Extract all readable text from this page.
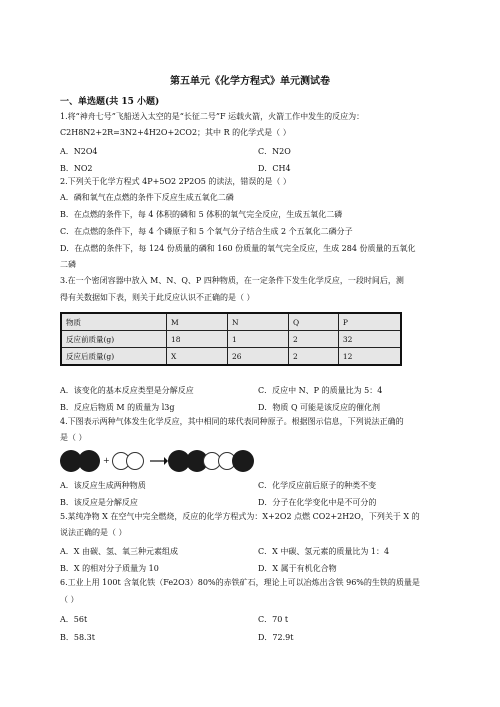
第五单元《化学方程式》单元测试卷
一、单选题(共 15 小题)
1.将“神舟七号”飞船送入太空的是“长征二号”F 运载火箭，火箭工作中发生的反应为：
C2H8N2+2R=3N2+4H2O+2CO2；其中 R 的化学式是（ ）
A．N2O4	C．N2O
B．NO2	D．CH4
2.下列关于化学方程式 4P+5O2 2P2O5 的读法，错误的是（ ）
A．磷和氧气在点燃的条件下反应生成五氧化二磷
B．在点燃的条件下，每 4 体积的磷和 5 体积的氧气完全反应，生成五氧化二磷
C．在点燃的条件下，每 4 个磷原子和 5 个氧气分子结合生成 2 个五氧化二磷分子
D．在点燃的条件下，每 124 份质量的磷和 160 份质量的氧气完全反应，生成 284 份质量的五氧化
二磷
3.在一个密闭容器中放入 M、N、Q、P 四种物质，在一定条件下发生化学反应，一段时间后，测
得有关数据如下表，则关于此反应认识不正确的是（ ）
物质	M	N	Q	P
反应前质量(g)	18	1	2	32
反应后质量(g)	X	26	2	12
A．该变化的基本反应类型是分解反应	C．反应中 N、P 的质量比为 5：4
B．反应后物质 M 的质量为 l3g	D．物质 Q 可能是该反应的催化剂
4.下图表示两种气体发生化学反应，其中相同的球代表同种原子。根据图示信息，下列说法正确的
是（ ）
+
A．该反应生成两种物质	C．化学反应前后原子的种类不变
B．该反应是分解反应	D．分子在化学变化中是不可分的
5.某纯净物 X 在空气中完全燃烧，反应的化学方程式为：X+2O2 点燃 CO2+2H2O，下列关于 X 的
说法正确的是（ ）
A．X 由碳、氢、氧三种元素组成	C．X 中碳、氢元素的质量比为 1：4
B．X 的相对分子质量为 10	D．X 属于有机化合物
6.工业上用 100t 含氧化铁（Fe2O3）80%的赤铁矿石，理论上可以冶炼出含铁 96%的生铁的质量是
（ ）
A．56t	C．70 t
B．58.3t	D．72.9t
